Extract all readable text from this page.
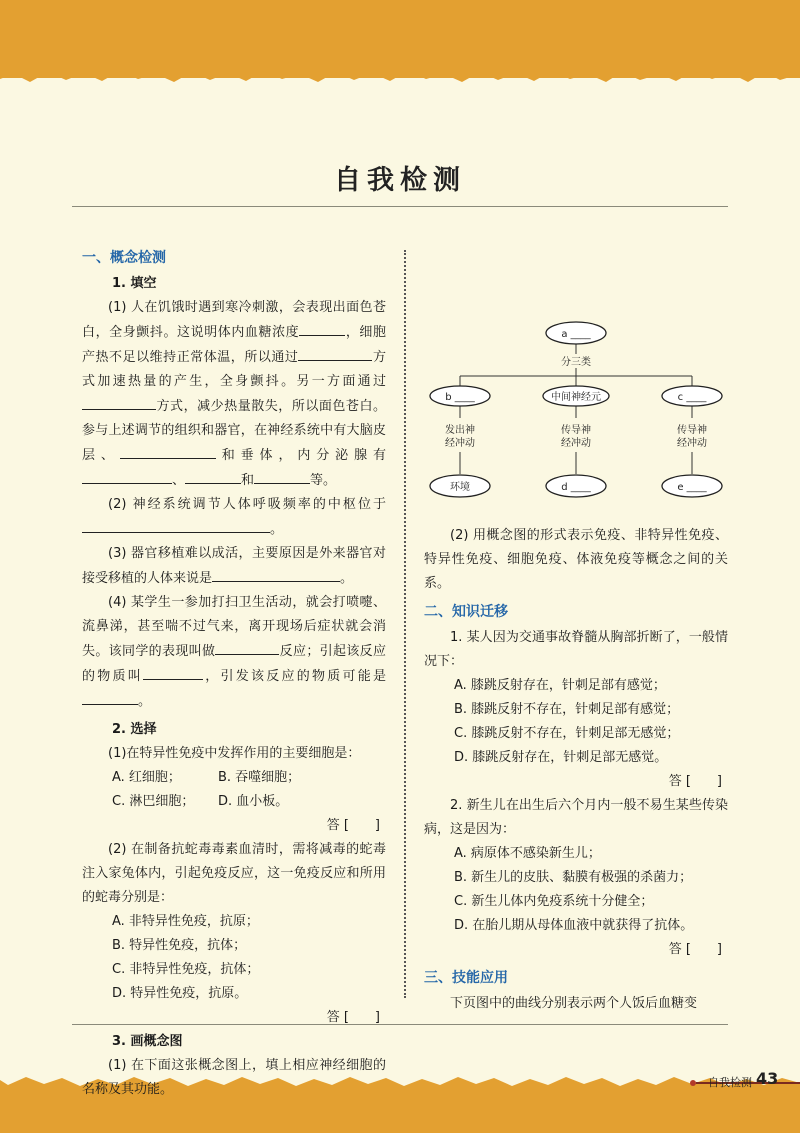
自我检测
一、概念检测
1. 填空

(1) 人在饥饿时遇到寒冷刺激，会表现出面色苍白，全身颤抖。这说明体内血糖浓度	，细胞产热不足以维持正常体温，所以通过	方式加速热量的产生，全身颤抖。另一方面通过方式，减少热量散失，所以面色苍白。参与上述调节的组织和器官，在神经系统中有大脑皮层、	和垂体，内分泌腺有、	和	等。

(2) 神经系统调节人体呼吸频率的中枢位于。

(3) 器官移植难以成活，主要原因是外来器官对接受移植的人体来说是	。

(4) 某学生一参加打扫卫生活动，就会打喷嚏、流鼻涕，甚至喘不过气来，离开现场后症状就会消失。该同学的表现叫做	反应；引起该反应的物质叫	，引发该反应的物质可能是。

2. 选择

(1)在特异性免疫中发挥作用的主要细胞是：

A. 红细胞；	B. 吞噬细胞；
C. 淋巴细胞； D. 血小板。

答 [　　]

(2) 在制备抗蛇毒毒素血清时，需将减毒的蛇毒注入家兔体内，引起免疫反应，这一免疫反应和所用的蛇毒分别是：

A. 非特异性免疫，抗原；
B. 特异性免疫，抗体；
C. 非特异性免疫，抗体；
D. 特异性免疫，抗原。

答 [　　]

3. 画概念图

(1) 在下面这张概念图上，填上相应神经细胞的名称及其功能。

a ____
分三类
b ____	中间神经元	c ____
发出神
经冲动
传导神
经冲动
传导神
经冲动
环境	d ____	e ____

(2) 用概念图的形式表示免疫、非特异性免疫、特异性免疫、细胞免疫、体液免疫等概念之间的关系。

二、知识迁移

1. 某人因为交通事故脊髓从胸部折断了，一般情况下：

A. 膝跳反射存在，针刺足部有感觉；
B. 膝跳反射不存在，针刺足部有感觉；
C. 膝跳反射不存在，针刺足部无感觉；
D. 膝跳反射存在，针刺足部无感觉。

答 [　　]

2. 新生儿在出生后六个月内一般不易生某些传染病，这是因为：

A. 病原体不感染新生儿；
B. 新生儿的皮肤、黏膜有极强的杀菌力；
C. 新生儿体内免疫系统十分健全；
D. 在胎儿期从母体血液中就获得了抗体。

答 [　　]

三、技能应用

下页图中的曲线分别表示两个人饭后血糖变

自我检测 43
